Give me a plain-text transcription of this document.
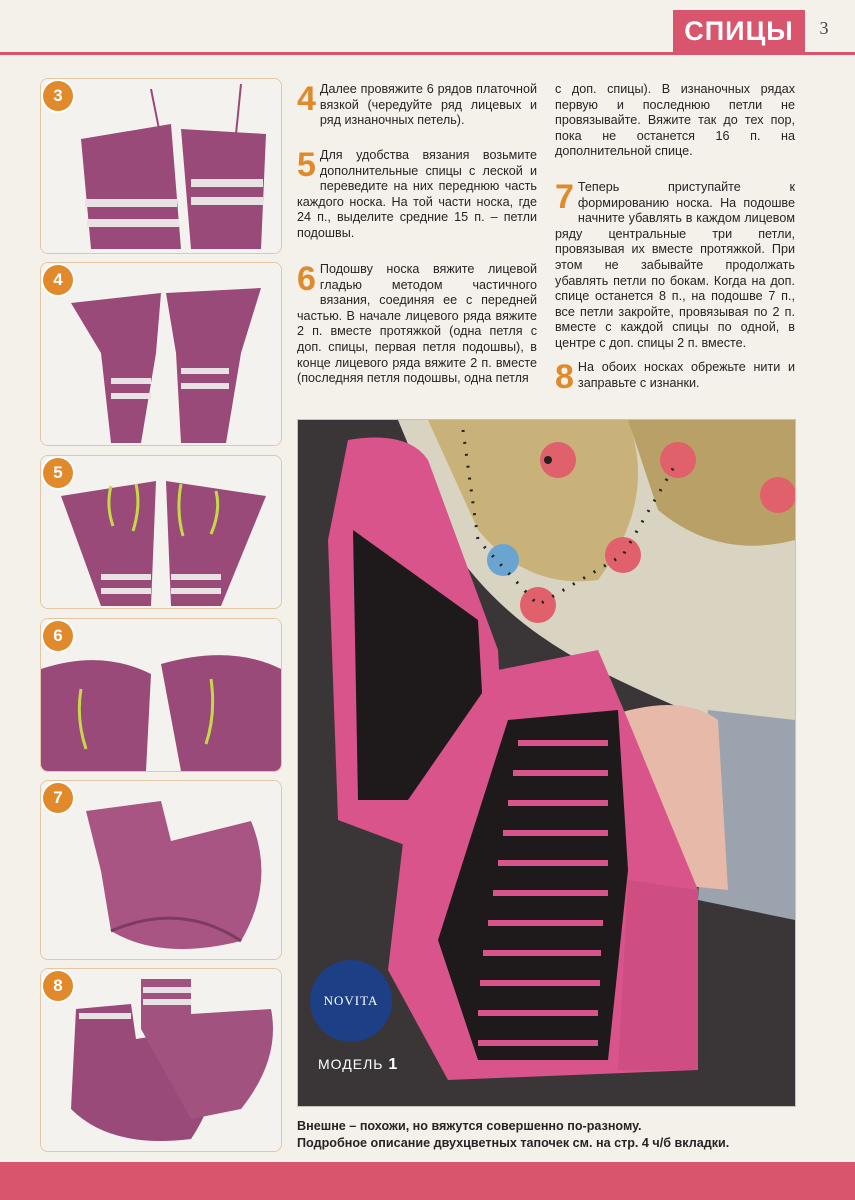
СПИЦЫ	3
3
4
5
6
7
8
4 Далее провяжите 6 рядов платочной вязкой (чередуйте ряд лицевых и ряд изнаночных петель).
5 Для удобства вязания возьмите дополнительные спицы с леской и переведите на них переднюю часть каждого носка. На той части носка, где 24 п., выделите средние 15 п. – петли подошвы.
6 Подошву носка вяжите лицевой гладью методом частичного вязания, соединяя ее с передней частью. В начале лицевого ряда вяжите 2 п. вместе протяжкой (одна петля с доп. спицы, первая петля подошвы), в конце лицевого ряда вяжите 2 п. вместе (последняя петля подошвы, одна петля
с доп. спицы). В изнаночных рядах первую и последнюю петли не провязывайте. Вяжите так до тех пор, пока не останется 16 п. на дополнительной спице.
7 Теперь приступайте к формированию носка. На подошве начните убавлять в каждом лицевом ряду центральные три петли, провязывая их вместе протяжкой. При этом не забывайте продолжать убавлять петли по бокам. Когда на доп. спице останется 8 п., на подошве 7 п., все петли закройте, провязывая по 2 п. вместе с каждой спицы по одной, в центре с доп. спицы 2 п. вместе.
8 На обоих носках обрежьте нити и заправьте с изнанки.
NOVITA
МОДЕЛЬ 1
Внешне – похожи, но вяжутся совершенно по-разному.
Подробное описание двухцветных тапочек см. на стр. 4 ч/б вкладки.
